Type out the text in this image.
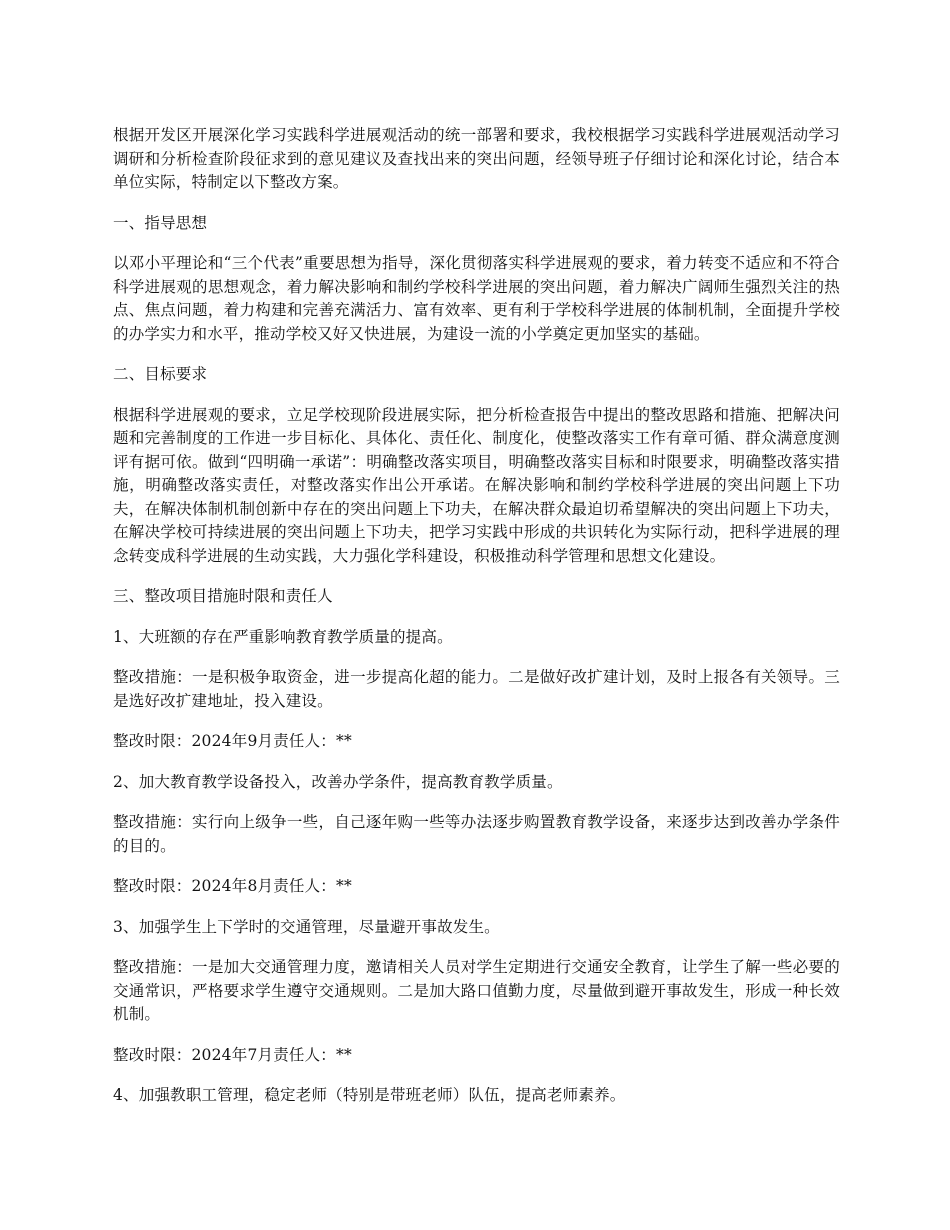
根据开发区开展深化学习实践科学进展观活动的统一部署和要求，我校根据学习实践科学进展观活动学习调研和分析检查阶段征求到的意见建议及查找出来的突出问题，经领导班子仔细讨论和深化讨论，结合本单位实际，特制定以下整改方案。

一、指导思想

以邓小平理论和“三个代表”重要思想为指导，深化贯彻落实科学进展观的要求，着力转变不适应和不符合科学进展观的思想观念，着力解决影响和制约学校科学进展的突出问题，着力解决广阔师生强烈关注的热点、焦点问题，着力构建和完善充满活力、富有效率、更有利于学校科学进展的体制机制，全面提升学校的办学实力和水平，推动学校又好又快进展，为建设一流的小学奠定更加坚实的基础。

二、目标要求

根据科学进展观的要求，立足学校现阶段进展实际，把分析检查报告中提出的整改思路和措施、把解决问题和完善制度的工作进一步目标化、具体化、责任化、制度化，使整改落实工作有章可循、群众满意度测评有据可依。做到“四明确一承诺”：明确整改落实项目，明确整改落实目标和时限要求，明确整改落实措施，明确整改落实责任，对整改落实作出公开承诺。在解决影响和制约学校科学进展的突出问题上下功夫，在解决体制机制创新中存在的突出问题上下功夫，在解决群众最迫切希望解决的突出问题上下功夫，在解决学校可持续进展的突出问题上下功夫，把学习实践中形成的共识转化为实际行动，把科学进展的理念转变成科学进展的生动实践，大力强化学科建设，积极推动科学管理和思想文化建设。

三、整改项目措施时限和责任人

1、大班额的存在严重影响教育教学质量的提高。

整改措施：一是积极争取资金，进一步提高化超的能力。二是做好改扩建计划，及时上报各有关领导。三是选好改扩建地址，投入建设。

整改时限：2024年9月责任人：**

2、加大教育教学设备投入，改善办学条件，提高教育教学质量。

整改措施：实行向上级争一些，自己逐年购一些等办法逐步购置教育教学设备，来逐步达到改善办学条件的目的。

整改时限：2024年8月责任人：**

3、加强学生上下学时的交通管理，尽量避开事故发生。

整改措施：一是加大交通管理力度，邀请相关人员对学生定期进行交通安全教育，让学生了解一些必要的交通常识，严格要求学生遵守交通规则。二是加大路口值勤力度，尽量做到避开事故发生，形成一种长效机制。

整改时限：2024年7月责任人：**

4、加强教职工管理，稳定老师（特别是带班老师）队伍，提高老师素养。
